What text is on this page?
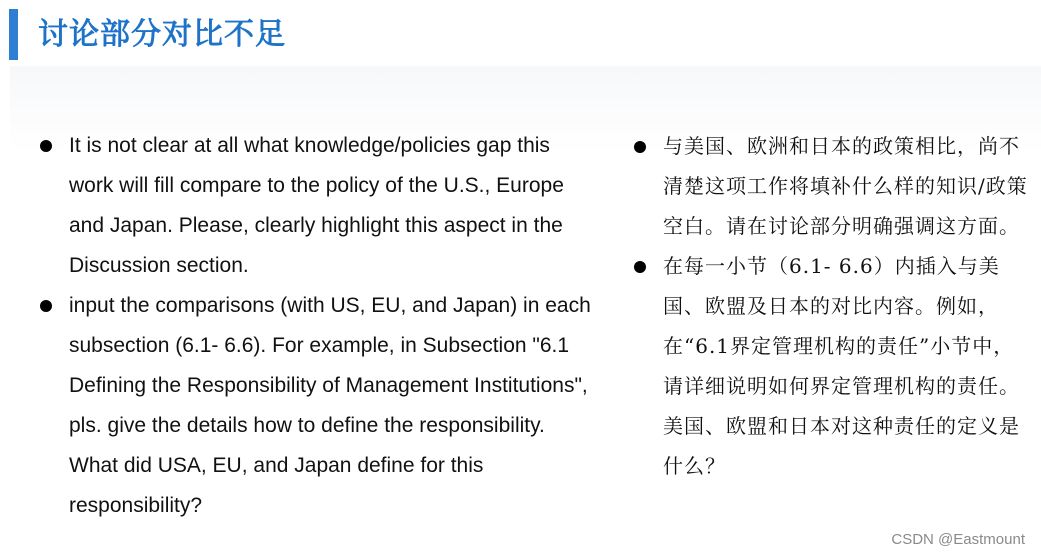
讨论部分对比不足
It is not clear at all what knowledge/policies gap this work will fill compare to the policy of the U.S., Europe and Japan. Please, clearly highlight this aspect in the Discussion section.
input the comparisons (with US, EU, and Japan) in each subsection (6.1- 6.6). For example, in Subsection "6.1 Defining the Responsibility of Management Institutions", pls. give the details how to define the responsibility. What did USA, EU, and Japan define for this responsibility?
与美国、欧洲和日本的政策相比，尚不清楚这项工作将填补什么样的知识/政策空白。请在讨论部分明确强调这方面。
在每一小节（6.1- 6.6）内插入与美国、欧盟及日本的对比内容。例如，在“6.1界定管理机构的责任”小节中，请详细说明如何界定管理机构的责任。美国、欧盟和日本对这种责任的定义是什么？
CSDN @Eastmount
